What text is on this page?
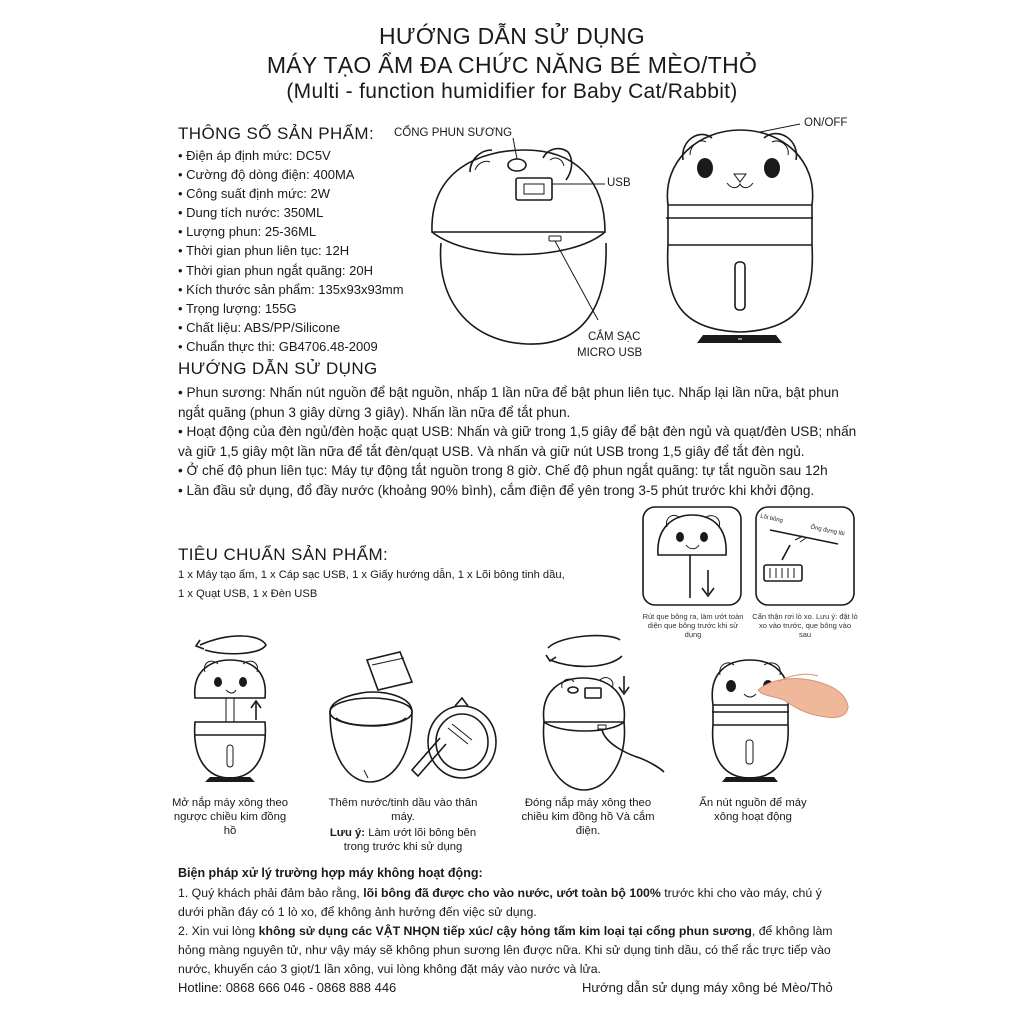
HƯỚNG DẪN SỬ DỤNG
MÁY TẠO ẨM ĐA CHỨC NĂNG BÉ MÈO/THỎ
(Multi - function humidifier for Baby Cat/Rabbit)
THÔNG SỐ SẢN PHẨM:
• Điện áp định mức: DC5V
• Cường độ dòng điện: 400MA
• Công suất định mức: 2W
• Dung tích nước: 350ML
• Lượng phun: 25-36ML
• Thời gian phun liên tục: 12H
• Thời gian phun ngắt quãng: 20H
• Kích thước sản phẩm: 135x93x93mm
• Trọng lượng: 155G
• Chất liệu: ABS/PP/Silicone
• Chuẩn thực thi: GB4706.48-2009
CỔNG PHUN SƯƠNG
USB
CẮM SẠC
MICRO USB
ON/OFF
HƯỚNG DẪN SỬ DỤNG
• Phun sương: Nhấn nút nguồn để bật nguồn, nhấp 1 lần nữa để bật phun liên tục. Nhấp lại lần nữa, bật phun ngắt quãng (phun 3 giây dừng 3 giây). Nhấn lần nữa để tắt phun.
• Hoạt động của đèn ngủ/đèn hoặc quạt USB: Nhấn và giữ trong 1,5 giây để bật đèn ngủ và quạt/đèn USB; nhấn và giữ 1,5 giây một lần nữa để tắt đèn/quạt USB. Và nhấn và giữ nút USB trong 1,5 giây để tắt đèn ngủ.
• Ở chế độ phun liên tục: Máy tự động tắt nguồn trong 8 giờ. Chế độ phun ngắt quãng: tự tắt nguồn sau 12h
• Lần đầu sử dụng, đổ đầy nước (khoảng 90% bình), cắm điện để yên trong 3-5 phút trước khi khởi động.
TIÊU CHUẨN SẢN PHẨM:
1 x Máy tạo ẩm, 1 x Cáp sạc USB, 1 x Giấy hướng dẫn, 1 x Lõi bông tinh dầu,
1 x Quạt USB, 1 x Đèn USB
Lõi bông
Ống đựng lõi
Rút que bông ra, làm ướt toàn diện que bông trước khi sử dụng
Cẩn thận rơi lò xo. Lưu ý: đặt lò xo vào trước, que bông vào sau
Mở nắp máy xông theo ngược chiều kim đồng hồ
Thêm nước/tinh dầu vào thân máy.
Lưu ý: Làm ướt lõi bông bên trong trước khi sử dụng
Đóng nắp máy xông theo chiều kim đồng hồ Và cắm điện.
Ấn nút nguồn để máy xông hoạt động
Biện pháp xử lý trường hợp máy không hoạt động:
1. Quý khách phải đảm bảo rằng, lõi bông đã được cho vào nước, ướt toàn bộ 100% trước khi cho vào máy, chú ý dưới phần đáy có 1 lò xo, để không ảnh hưởng đến việc sử dụng.
2. Xin vui lòng không sử dụng các VẬT NHỌN tiếp xúc/ cậy hỏng tấm kim loại tại cổng phun sương, để không làm hỏng màng nguyên tử, như vậy máy sẽ không phun sương lên được nữa. Khi sử dụng tinh dầu, có thể rắc trực tiếp vào nước, khuyến cáo 3 giọt/1 lần xông, vui lòng không đặt máy vào nước và lửa.
Hotline: 0868 666 046 - 0868 888 446	Hướng dẫn sử dụng máy xông bé Mèo/Thỏ
